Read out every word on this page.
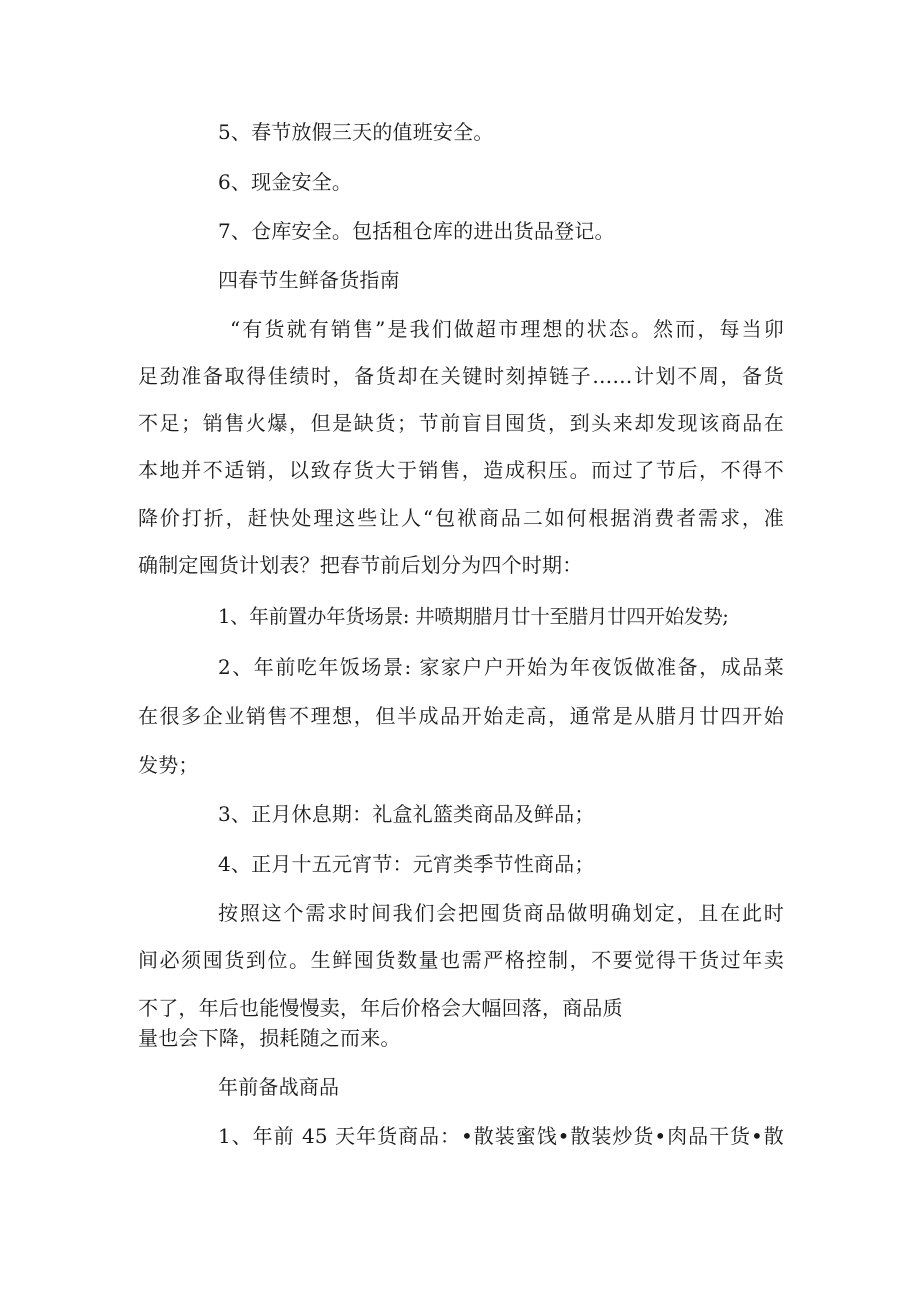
5、春节放假三天的值班安全。
6、现金安全。
7、仓库安全。包括租仓库的进出货品登记。
四春节生鲜备货指南
“有货就有销售”是我们做超市理想的状态。然而，每当卯
足劲准备取得佳绩时，备货却在关键时刻掉链子……计划不周，备货
不足；销售火爆，但是缺货；节前盲目囤货，到头来却发现该商品在
本地并不适销，以致存货大于销售，造成积压。而过了节后，不得不
降价打折，赶快处理这些让人“包袱商品二如何根据消费者需求，准
确制定囤货计划表？把春节前后划分为四个时期：
1、年前置办年货场景: 井喷期腊月廿十至腊月廿四开始发势;
2、年前吃年饭场景: 家家户户开始为年夜饭做准备，成品菜
在很多企业销售不理想，但半成品开始走高，通常是从腊月廿四开始
发势；
3、正月休息期：礼盒礼篮类商品及鲜品；
4、正月十五元宵节：元宵类季节性商品；
按照这个需求时间我们会把囤货商品做明确划定，且在此时
间必须囤货到位。生鲜囤货数量也需严格控制，不要觉得干货过年卖
不了，年后也能慢慢卖，年后价格会大幅回落，商品质
量也会下降，损耗随之而来。
年前备战商品
1、年前 45 天年货商品：•散装蜜饯•散装炒货•肉品干货•散
